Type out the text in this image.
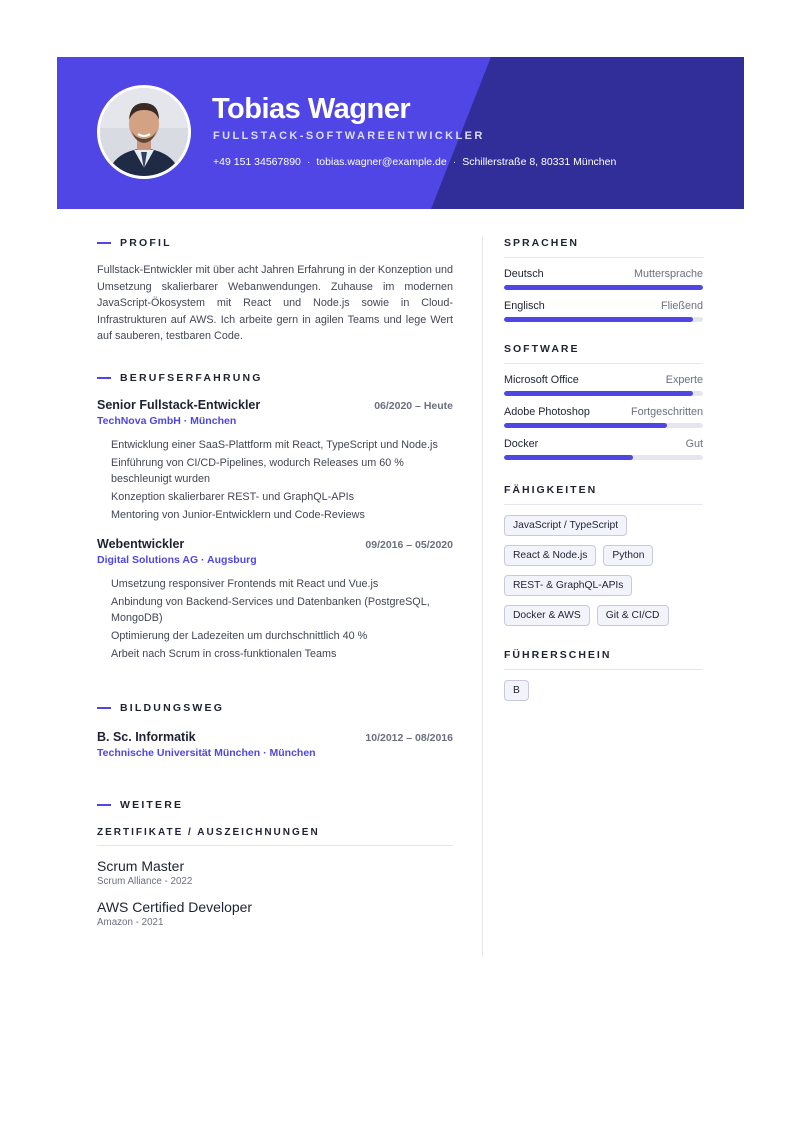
Tobias Wagner
FULLSTACK-SOFTWAREENTWICKLER
+49 151 34567890 · tobias.wagner@example.de · Schillerstraße 8, 80331 München
PROFIL
Fullstack-Entwickler mit über acht Jahren Erfahrung in der Konzeption und Umsetzung skalierbarer Webanwendungen. Zuhause im modernen JavaScript-Ökosystem mit React und Node.js sowie in Cloud-Infrastrukturen auf AWS. Ich arbeite gern in agilen Teams und lege Wert auf sauberen, testbaren Code.
BERUFSERFAHRUNG
Senior Fullstack-Entwickler	06/2020 – Heute
TechNova GmbH · München
Entwicklung einer SaaS-Plattform mit React, TypeScript und Node.js
Einführung von CI/CD-Pipelines, wodurch Releases um 60 % beschleunigt wurden
Konzeption skalierbarer REST- und GraphQL-APIs
Mentoring von Junior-Entwicklern und Code-Reviews
Webentwickler	09/2016 – 05/2020
Digital Solutions AG · Augsburg
Umsetzung responsiver Frontends mit React und Vue.js
Anbindung von Backend-Services und Datenbanken (PostgreSQL, MongoDB)
Optimierung der Ladezeiten um durchschnittlich 40 %
Arbeit nach Scrum in cross-funktionalen Teams
BILDUNGSWEG
B. Sc. Informatik	10/2012 – 08/2016
Technische Universität München · München
WEITERE
ZERTIFIKATE / AUSZEICHNUNGEN
Scrum Master
Scrum Alliance - 2022
AWS Certified Developer
Amazon - 2021
SPRACHEN
Deutsch	Muttersprache
Englisch	Fließend
SOFTWARE
Microsoft Office	Experte
Adobe Photoshop	Fortgeschritten
Docker	Gut
FÄHIGKEITEN
JavaScript / TypeScript
React & Node.js	Python
REST- & GraphQL-APIs
Docker & AWS	Git & CI/CD
FÜHRERSCHEIN
B
